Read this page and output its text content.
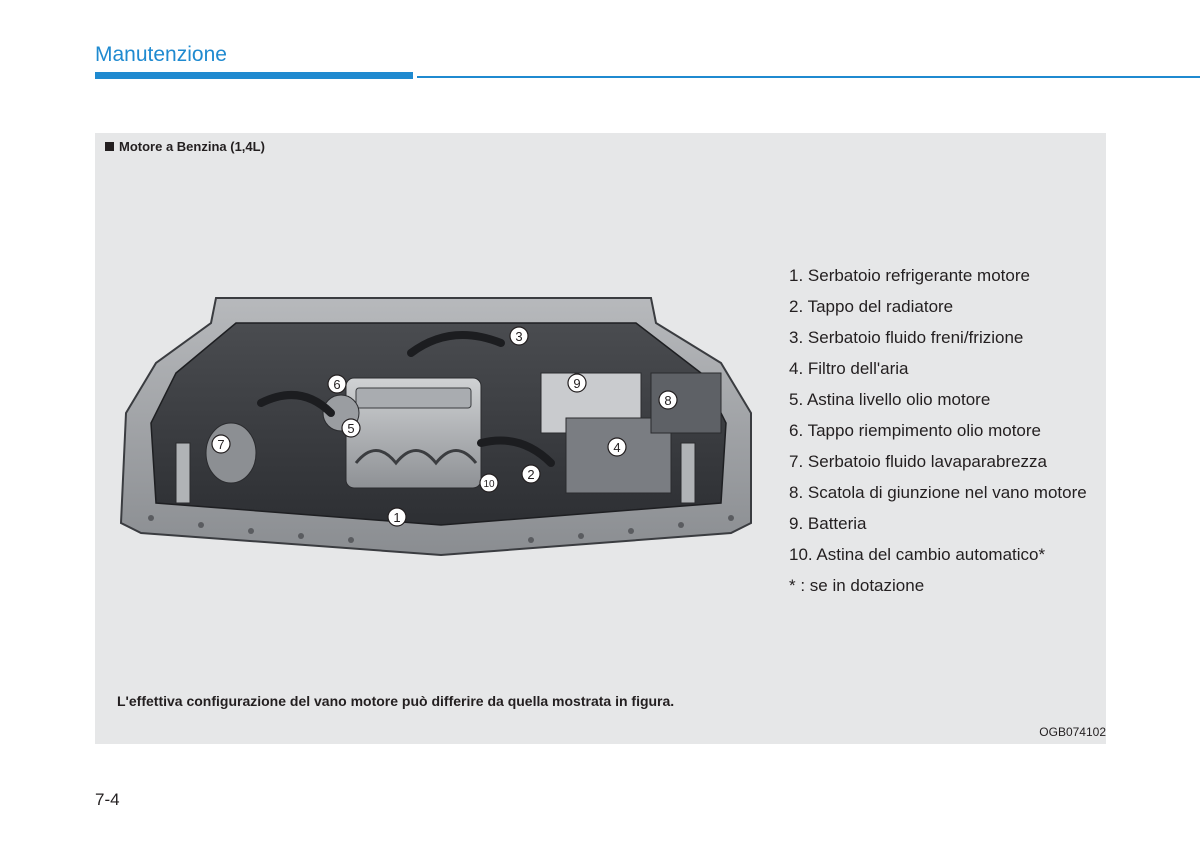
Manutenzione
Motore a Benzina (1,4L)
1
2
3
4
5
6
7
8
9
10
1. Serbatoio refrigerante motore
2. Tappo del radiatore
3. Serbatoio fluido freni/frizione
4. Filtro dell'aria
5. Astina livello olio motore
6. Tappo riempimento olio motore
7. Serbatoio fluido lavaparabrezza
8. Scatola di giunzione nel vano motore
9. Batteria
10. Astina del cambio automatico*
* : se in dotazione
L'effettiva configurazione del vano motore può differire da quella mostrata in figura.
OGB074102
7-4
